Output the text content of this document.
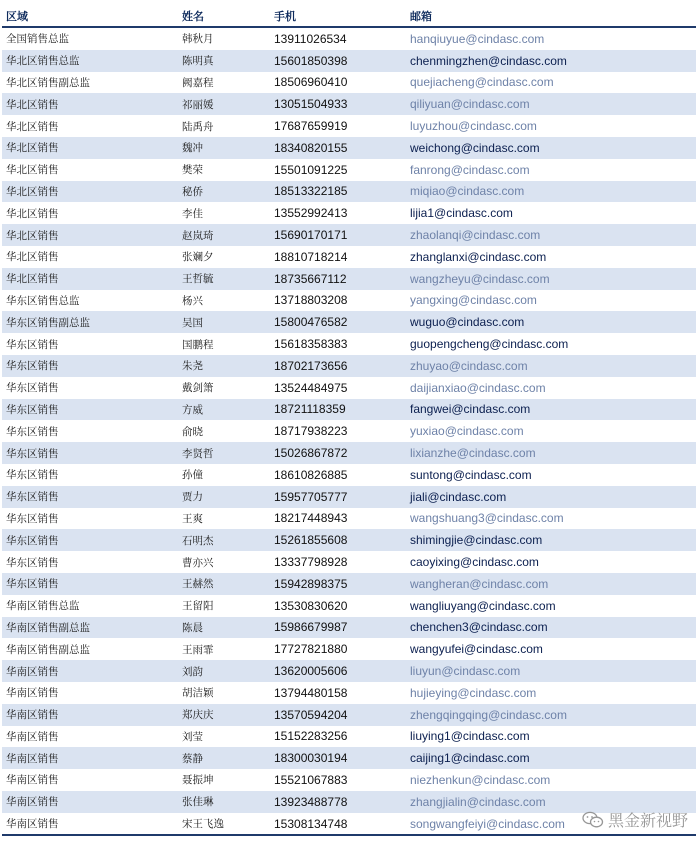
区域	姓名	手机	邮箱
全国销售总监	韩秋月	13911026534	hanqiuyue@cindasc.com
华北区销售总监	陈明真	15601850398	chenmingzhen@cindasc.com
华北区销售副总监	阙嘉程	18506960410	quejiacheng@cindasc.com
华北区销售	祁丽媛	13051504933	qiliyuan@cindasc.com
华北区销售	陆禹舟	17687659919	luyuzhou@cindasc.com
华北区销售	魏冲	18340820155	weichong@cindasc.com
华北区销售	樊荣	15501091225	fanrong@cindasc.com
华北区销售	秘侨	18513322185	miqiao@cindasc.com
华北区销售	李佳	13552992413	lijia1@cindasc.com
华北区销售	赵岚琦	15690170171	zhaolanqi@cindasc.com
华北区销售	张斓夕	18810718214	zhanglanxi@cindasc.com
华北区销售	王哲毓	18735667112	wangzheyu@cindasc.com
华东区销售总监	杨兴	13718803208	yangxing@cindasc.com
华东区销售副总监	吴国	15800476582	wuguo@cindasc.com
华东区销售	国鹏程	15618358383	guopengcheng@cindasc.com
华东区销售	朱尧	18702173656	zhuyao@cindasc.com
华东区销售	戴剑箫	13524484975	daijianxiao@cindasc.com
华东区销售	方威	18721118359	fangwei@cindasc.com
华东区销售	俞晓	18717938223	yuxiao@cindasc.com
华东区销售	李贤哲	15026867872	lixianzhe@cindasc.com
华东区销售	孙僮	18610826885	suntong@cindasc.com
华东区销售	贾力	15957705777	jiali@cindasc.com
华东区销售	王爽	18217448943	wangshuang3@cindasc.com
华东区销售	石明杰	15261855608	shimingjie@cindasc.com
华东区销售	曹亦兴	13337798928	caoyixing@cindasc.com
华东区销售	王赫然	15942898375	wangheran@cindasc.com
华南区销售总监	王留阳	13530830620	wangliuyang@cindasc.com
华南区销售副总监	陈晨	15986679987	chenchen3@cindasc.com
华南区销售副总监	王雨霏	17727821880	wangyufei@cindasc.com
华南区销售	刘韵	13620005606	liuyun@cindasc.com
华南区销售	胡洁颖	13794480158	hujieying@cindasc.com
华南区销售	郑庆庆	13570594204	zhengqingqing@cindasc.com
华南区销售	刘莹	15152283256	liuying1@cindasc.com
华南区销售	蔡静	18300030194	caijing1@cindasc.com
华南区销售	聂振坤	15521067883	niezhenkun@cindasc.com
华南区销售	张佳琳	13923488778	zhangjialin@cindasc.com
华南区销售	宋王飞逸	15308134748	songwangfeiyi@cindasc.com	黑金新视野
